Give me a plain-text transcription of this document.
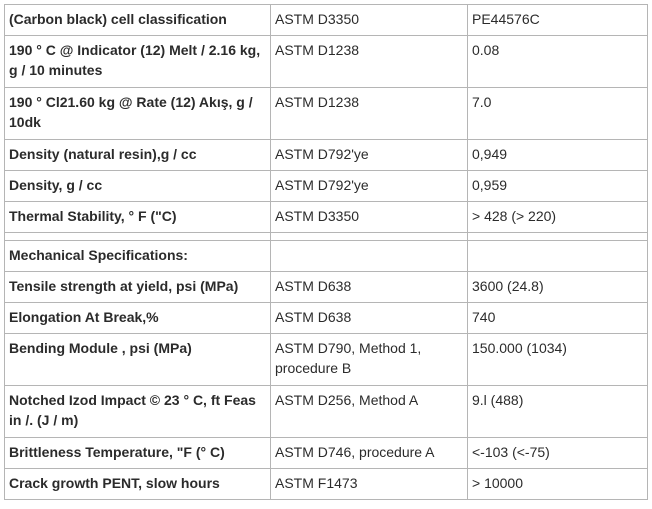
(Carbon black) cell classification	ASTM D3350	PE44576C
190 ° C @ Indicator (12) Melt / 2.16 kg, g / 10 minutes	ASTM D1238	0.08
190 ° Cl21.60 kg @ Rate (12) Akış, g / 10dk	ASTM D1238	7.0
Density (natural resin),g / cc	ASTM D792'ye	0,949
Density, g / cc	ASTM D792'ye	0,959
Thermal Stability, ° F ("C)	ASTM D3350	> 428 (> 220)

Mechanical Specifications:		
Tensile strength at yield, psi (MPa)	ASTM D638	3600 (24.8)
Elongation At Break,%	ASTM D638	740
Bending Module , psi (MPa)	ASTM D790, Method 1, procedure B	150.000 (1034)
Notched Izod Impact © 23 ° C, ft Feas in /. (J / m)	ASTM D256, Method A	9.l (488)
Brittleness Temperature, "F (° C)	ASTM D746, procedure A	<-103 (<-75)
Crack growth PENT, slow hours	ASTM F1473	> 10000
